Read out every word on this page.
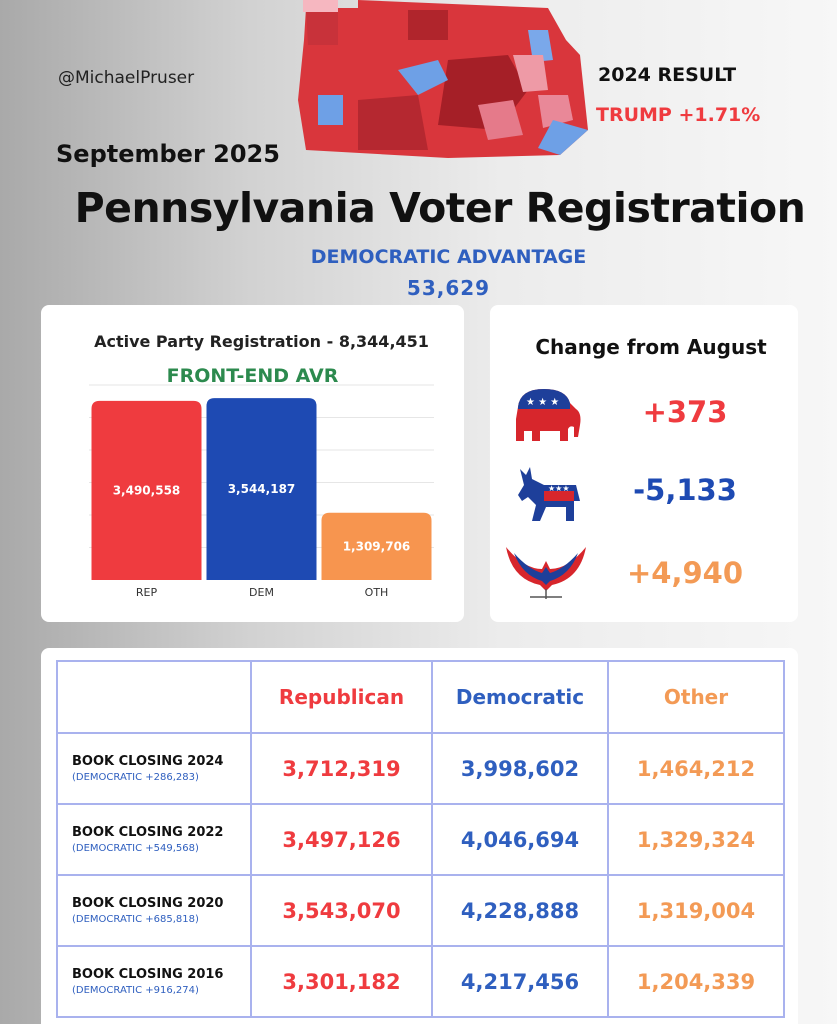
@MichaelPruser	2024 RESULT
TRUMP +1.71%
September 2025
Pennsylvania Voter Registration
DEMOCRATIC ADVANTAGE
53,629
Active Party Registration - 8,344,451
FRONT-END AVR
3,490,558
REP
3,544,187
DEM
1,309,706
OTH
Change from August
★ ★ ★	+373
★★★	-5,133
+4,940
	Republican	Democratic	Other

BOOK CLOSING 2024
(DEMOCRATIC +286,283)	3,712,319	3,998,602	1,464,212

BOOK CLOSING 2022
(DEMOCRATIC +549,568)	3,497,126	4,046,694	1,329,324

BOOK CLOSING 2020
(DEMOCRATIC +685,818)	3,543,070	4,228,888	1,319,004

BOOK CLOSING 2016
(DEMOCRATIC +916,274)	3,301,182	4,217,456	1,204,339
